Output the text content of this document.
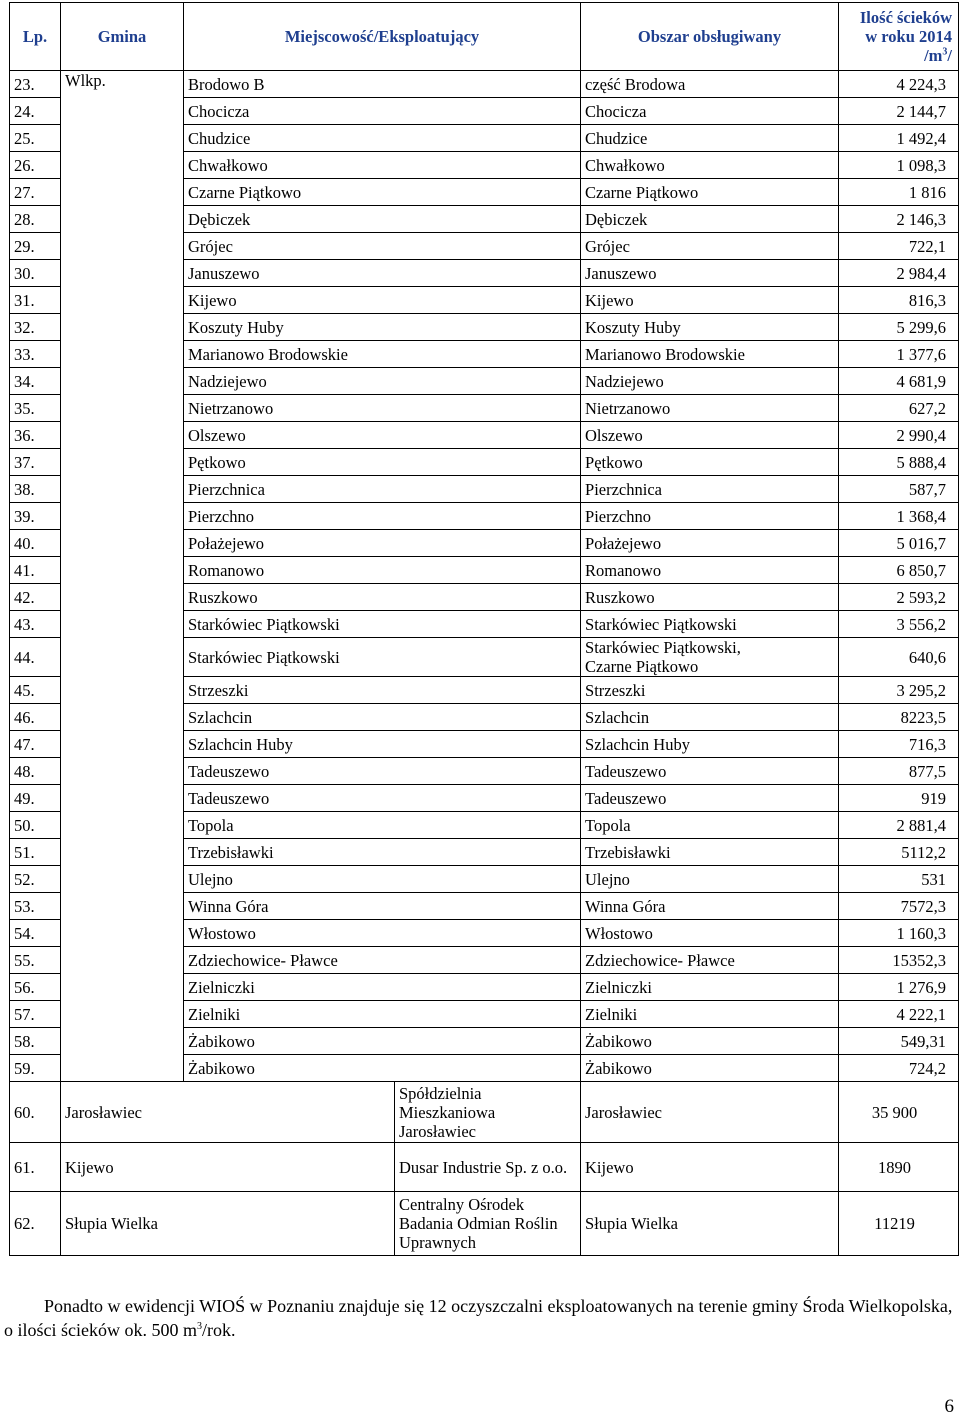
Lp.	Gmina	Miejscowość/Eksploatujący		Obszar obsługiwany	Ilość ścieków
w roku 2014
$/m^3/$
23.	Wlkp.	Brodowo B		część Brodowa	4 224,3
24.		Chocicza		Chocicza	2 144,7
25.		Chudzice		Chudzice	1 492,4
26.		Chwałkowo		Chwałkowo	1 098,3
27.		Czarne Piątkowo		Czarne Piątkowo	1 816
28.		Dębiczek		Dębiczek	2 146,3
29.		Grójec		Grójec	722,1
30.		Januszewo		Januszewo	2 984,4
31.		Kijewo		Kijewo	816,3
32.		Koszuty Huby		Koszuty Huby	5 299,6
33.		Marianowo Brodowskie		Marianowo Brodowskie	1 377,6
34.		Nadziejewo		Nadziejewo	4 681,9
35.		Nietrzanowo		Nietrzanowo	627,2
36.		Olszewo		Olszewo	2 990,4
37.		Pętkowo		Pętkowo	5 888,4
38.		Pierzchnica		Pierzchnica	587,7
39.		Pierzchno		Pierzchno	1 368,4
40.		Połażejewo		Połażejewo	5 016,7
41.		Romanowo		Romanowo	6 850,7
42.		Ruszkowo		Ruszkowo	2 593,2
43.		Starkówiec Piątkowski		Starkówiec Piątkowski	3 556,2
44.		Starkówiec Piątkowski		Starkówiec Piątkowski,
Czarne Piątkowo	640,6
45.		Strzeszki		Strzeszki	3 295,2
46.		Szlachcin		Szlachcin	8223,5
47.		Szlachcin Huby		Szlachcin Huby	716,3
48.		Tadeuszewo		Tadeuszewo	877,5
49.		Tadeuszewo		Tadeuszewo	919
50.		Topola		Topola	2 881,4
51.		Trzebisławki		Trzebisławki	5112,2
52.		Ulejno		Ulejno	531
53.		Winna Góra		Winna Góra	7572,3
54.		Włostowo		Włostowo	1 160,3
55.		Zdziechowice- Pławce		Zdziechowice- Pławce	15352,3
56.		Zielniczki		Zielniczki	1 276,9
57.		Zielniki		Zielniki	4 222,1
58.		Żabikowo		Żabikowo	549,31
59.		Żabikowo		Żabikowo	724,2
60.	Jarosławiec		Spółdzielnia Mieszkaniowa Jarosławiec	Jarosławiec	35 900
61.	Kijewo		Dusar Industrie Sp. z o.o.	Kijewo	1890
62.	Słupia Wielka		Centralny Ośrodek Badania Odmian Roślin Uprawnych	Słupia Wielka	11219
Ponadto w ewidencji WIOŚ w Poznaniu znajduje się 12 oczyszczalni eksploatowanych na terenie gminy Środa Wielkopolska, o ilości ścieków ok. 500 $m^3$/rok.
6
